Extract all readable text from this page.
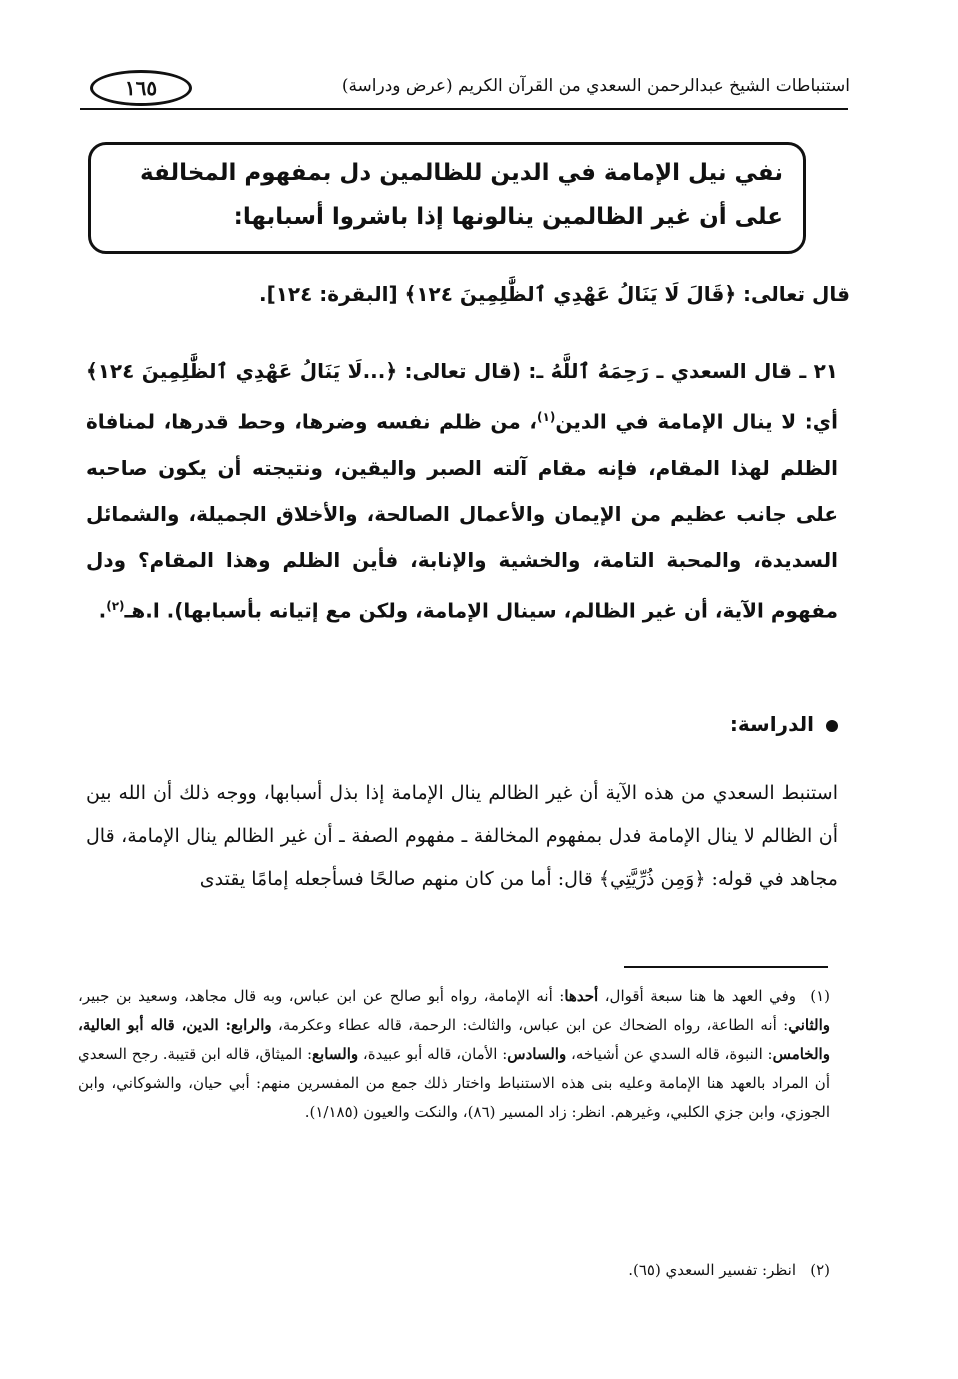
استنباطات الشيخ عبدالرحمن السعدي من القرآن الكريم (عرض ودراسة)
١٦٥
نفي نيل الإمامة في الدين للظالمين دل بمفهوم المخالفة
على أن غير الظالمين ينالونها إذا باشروا أسبابها:
قال تعالى: ﴿قَالَ لَا يَنَالُ عَهْدِي ٱلظَّٰلِمِينَ ١٢٤﴾ [البقرة: ١٢٤].
٢١ ـ قال السعدي ـ رَحِمَهُ ٱللَّهُ ـ: (قال تعالى: ﴿...لَا يَنَالُ عَهْدِي ٱلظَّٰلِمِينَ ١٢٤﴾ أي: لا ينال الإمامة في الدين$^{(١)}$، من ظلم نفسه وضرها، وحط قدرها، لمنافاة الظلم لهذا المقام، فإنه مقام آلته الصبر واليقين، ونتيجته أن يكون صاحبه على جانب عظيم من الإيمان والأعمال الصالحة، والأخلاق الجميلة، والشمائل السديدة، والمحبة التامة، والخشية والإنابة، فأين الظلم وهذا المقام؟ ودل مفهوم الآية، أن غير الظالم، سينال الإمامة، ولكن مع إتيانه بأسبابها). ا.هـ$^{(٢)}$.
الدراسة:
استنبط السعدي من هذه الآية أن غير الظالم ينال الإمامة إذا بذل أسبابها، ووجه ذلك أن الله بين أن الظالم لا ينال الإمامة فدل بمفهوم المخالفة ـ مفهوم الصفة ـ أن غير الظالم ينال الإمامة، قال مجاهد في قوله: ﴿وَمِن ذُرِّيَّتِي﴾ قال: أما من كان منهم صالحًا فسأجعله إمامًا يقتدى
(١)وفي العهد ها هنا سبعة أقوال، أحدها: أنه الإمامة، رواه أبو صالح عن ابن عباس، وبه قال مجاهد، وسعيد بن جبير، والثاني: أنه الطاعة، رواه الضحاك عن ابن عباس، والثالث: الرحمة، قاله عطاء وعكرمة، والرابع: الدين، قاله أبو العالية، والخامس: النبوة، قاله السدي عن أشياخه، والسادس: الأمان، قاله أبو عبيدة، والسابع: الميثاق، قاله ابن قتيبة. رجح السعدي أن المراد بالعهد هنا الإمامة وعليه بنى هذه الاستنباط واختار ذلك جمع من المفسرين منهم: أبي حيان، والشوكاني، وابن الجوزي، وابن جزي الكلبي، وغيرهم. انظر: زاد المسير (٨٦)، والنكت والعيون (١/١٨٥).
(٢)انظر: تفسير السعدي (٦٥).
